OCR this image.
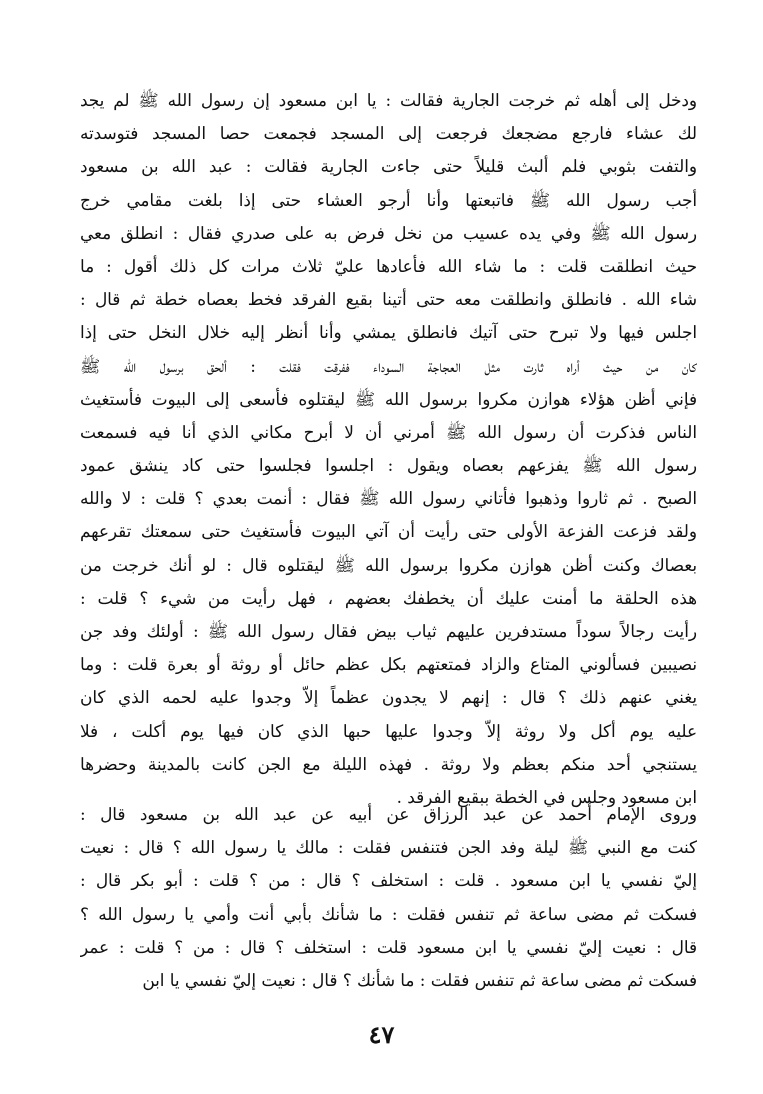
ودخل إلى أهله ثم خرجت الجارية فقالت : يا ابن مسعود إن رسول الله ﷺ لم يجد
لك عشاء فارجع مضجعك فرجعت إلى المسجد فجمعت حصا المسجد فتوسدته
والتفت بثوبي فلم ألبث قليلاً حتى جاءت الجارية فقالت : عبد الله بن مسعود
أجب رسول الله ﷺ فاتبعتها وأنا أرجو العشاء حتى إذا بلغت مقامي خرج
رسول الله ﷺ وفي يده عسيب من نخل فرض به على صدري فقال : انطلق معي
حيث انطلقت قلت : ما شاء الله فأعادها عليّ ثلاث مرات كل ذلك أقول : ما
شاء الله . فانطلق وانطلقت معه حتى أتينا بقيع الفرقد فخط بعصاه خطة ثم قال :
اجلس فيها ولا تبرح حتى آتيك فانطلق يمشي وأنا أنظر إليه خلال النخل حتى إذا
كان من حيث أراه ثارت مثل العجاجة السوداء ففرقت فقلت : ألحق برسول الله ﷺ
فإني أظن هؤلاء هوازن مكروا برسول الله ﷺ ليقتلوه فأسعى إلى البيوت فأستغيث
الناس فذكرت أن رسول الله ﷺ أمرني أن لا أبرح مكاني الذي أنا فيه فسمعت
رسول الله ﷺ يفزعهم بعصاه ويقول : اجلسوا فجلسوا حتى كاد ينشق عمود
الصبح . ثم ثاروا وذهبوا فأتاني رسول الله ﷺ فقال : أنمت بعدي ؟ قلت : لا والله
ولقد فزعت الفزعة الأولى حتى رأيت أن آتي البيوت فأستغيث حتى سمعتك تقرعهم
بعصاك وكنت أظن هوازن مكروا برسول الله ﷺ ليقتلوه قال : لو أنك خرجت من
هذه الحلقة ما أمنت عليك أن يخطفك بعضهم ، فهل رأيت من شيء ؟ قلت :
رأيت رجالاً سوداً مستدفرين عليهم ثياب بيض فقال رسول الله ﷺ : أولئك وفد جن
نصيبين فسألوني المتاع والزاد فمتعتهم بكل عظم حائل أو روثة أو بعرة قلت : وما
يغني عنهم ذلك ؟ قال : إنهم لا يجدون عظماً إلاّ وجدوا عليه لحمه الذي كان
عليه يوم أكل ولا روثة إلاّ وجدوا عليها حبها الذي كان فيها يوم أكلت ، فلا
يستنجي أحد منكم بعظم ولا روثة . فهذه الليلة مع الجن كانت بالمدينة وحضرها
ابن مسعود وجلس في الخطة ببقيع الفرقد .
وروى الإمام أحمد عن عبد الرزاق عن أبيه عن عبد الله بن مسعود قال :
كنت مع النبي ﷺ ليلة وفد الجن فتنفس فقلت : مالك يا رسول الله ؟ قال : نعيت
إليّ نفسي يا ابن مسعود . قلت : استخلف ؟ قال : من ؟ قلت : أبو بكر قال :
فسكت ثم مضى ساعة ثم تنفس فقلت : ما شأنك بأبي أنت وأمي يا رسول الله ؟
قال : نعيت إليّ نفسي يا ابن مسعود قلت : استخلف ؟ قال : من ؟ قلت : عمر
فسكت ثم مضى ساعة ثم تنفس فقلت : ما شأنك ؟ قال : نعيت إليّ نفسي يا ابن
٤٧
